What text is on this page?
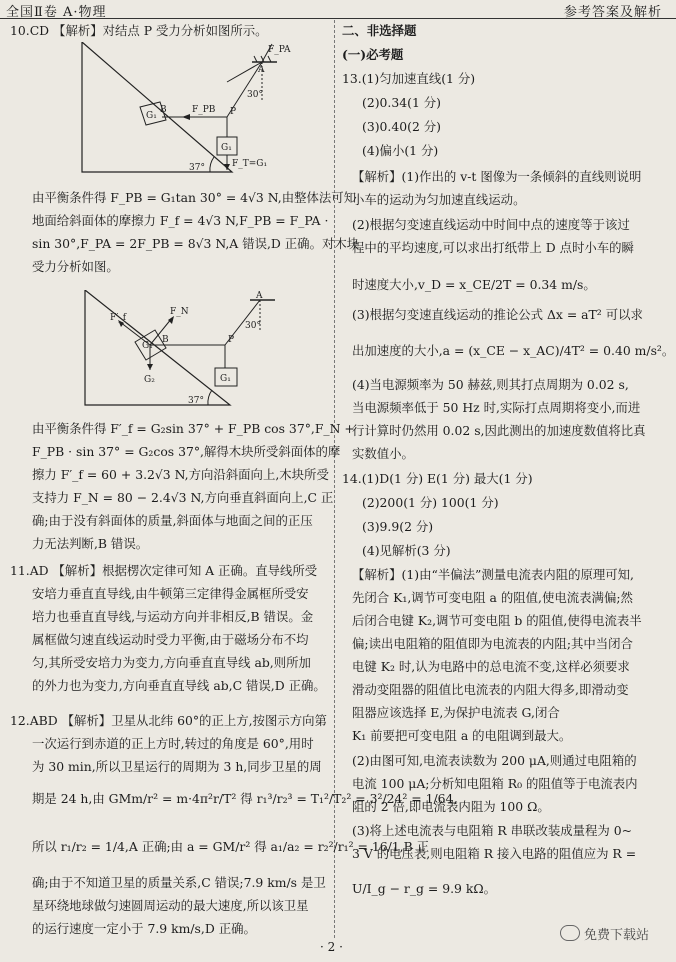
全国Ⅱ卷 A·物理	参考答案及解析
10.CD 【解析】对结点 P 受力分析如图所示。
F_PA
A
30°
G₁
B	F_PB P
G₁
F_T=G₁
37°
由平衡条件得 F_PB = G₁tan 30° = 4√3 N,由整体法可知
地面给斜面体的摩擦力 F_f = 4√3 N,F_PB = F_PA ·
sin 30°,F_PA = 2F_PB = 8√3 N,A 错误,D 正确。对木块
受力分析如图。
F′_f
F_N
G₁
B	P
A
30°
G₂	G₁
37°
由平衡条件得 F′_f = G₂sin 37° + F_PB cos 37°,F_N +
F_PB · sin 37° = G₂cos 37°,解得木块所受斜面体的摩
擦力 F′_f = 60 + 3.2√3 N,方向沿斜面向上,木块所受
支持力 F_N = 80 − 2.4√3 N,方向垂直斜面向上,C 正
确;由于没有斜面体的质量,斜面体与地面之间的正压
力无法判断,B 错误。
11.AD 【解析】根据楞次定律可知 A 正确。直导线所受
安培力垂直直导线,由牛顿第三定律得金属框所受安
培力也垂直直导线,与运动方向并非相反,B 错误。金
属框做匀速直线运动时受力平衡,由于磁场分布不均
匀,其所受安培力为变力,方向垂直直导线 ab,则所加
的外力也为变力,方向垂直直导线 ab,C 错误,D 正确。
12.ABD 【解析】卫星从北纬 60°的正上方,按图示方向第
一次运行到赤道的正上方时,转过的角度是 60°,用时
为 30 min,所以卫星运行的周期为 3 h,同步卫星的周
期是 24 h,由 GMm/r² = m·4π²r/T² 得 r₁³/r₂³ = T₁²/T₂² = 3²/24² = 1/64,
所以 r₁/r₂ = 1/4,A 正确;由 a = GM/r² 得 a₁/a₂ = r₂²/r₁² = 16/1,B 正
确;由于不知道卫星的质量关系,C 错误;7.9 km/s 是卫
星环绕地球做匀速圆周运动的最大速度,所以该卫星
的运行速度一定小于 7.9 km/s,D 正确。
二、非选择题
(一)必考题
13.(1)匀加速直线(1 分)
(2)0.34(1 分)
(3)0.40(2 分)
(4)偏小(1 分)
【解析】(1)作出的 v-t 图像为一条倾斜的直线则说明
小车的运动为匀加速直线运动。
(2)根据匀变速直线运动中时间中点的速度等于该过
程中的平均速度,可以求出打纸带上 D 点时小车的瞬
时速度大小,v_D = x_CE/2T = 0.34 m/s。
(3)根据匀变速直线运动的推论公式 Δx = aT² 可以求
出加速度的大小,a = (x_CE − x_AC)/4T² = 0.40 m/s²。
(4)当电源频率为 50 赫兹,则其打点周期为 0.02 s,
当电源频率低于 50 Hz 时,实际打点周期将变小,而进
行计算时仍然用 0.02 s,因此测出的加速度数值将比真
实数值小。
14.(1)D(1 分) E(1 分) 最大(1 分)
(2)200(1 分) 100(1 分)
(3)9.9(2 分)
(4)见解析(3 分)
【解析】(1)由“半偏法”测量电流表内阻的原理可知,
先闭合 K₁,调节可变电阻 a 的阻值,使电流表满偏;然
后闭合电键 K₂,调节可变电阻 b 的阻值,使得电流表半
偏;读出电阻箱的阻值即为电流表的内阻;其中当闭合
电键 K₂ 时,认为电路中的总电流不变,这样必须要求
滑动变阻器的阻值比电流表的内阻大得多,即滑动变
阻器应该选择 E,为保护电流表 G,闭合
K₁ 前要把可变电阻 a 的电阻调到最大。
(2)由图可知,电流表读数为 200 μA,则通过电阻箱的
电流 100 μA;分析知电阻箱 R₀ 的阻值等于电流表内
阻的 2 倍,即电流表内阻为 100 Ω。
(3)将上述电流表与电阻箱 R 串联改装成量程为 0~
3 V 的电压表,则电阻箱 R 接入电路的阻值应为 R =
U/I_g − r_g = 9.9 kΩ。
· 2 ·
免费下载站
